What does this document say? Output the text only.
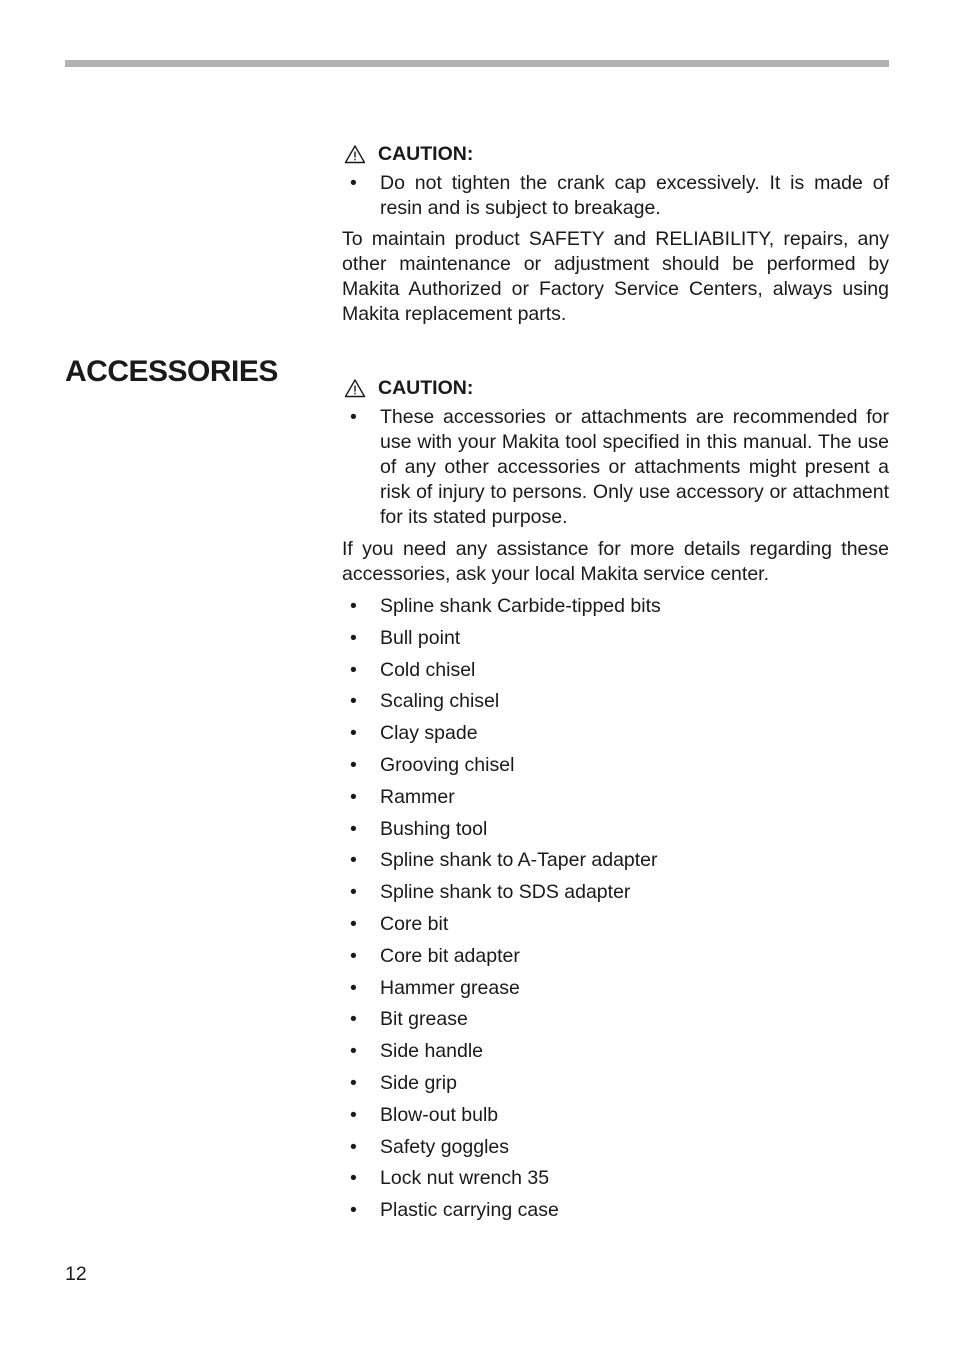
CAUTION:
• Do not tighten the crank cap excessively. It is made of resin and is subject to breakage.

To maintain product SAFETY and RELIABILITY, repairs, any other maintenance or adjustment should be performed by Makita Authorized or Factory Service Centers, always using Makita replacement parts.

ACCESSORIES	CAUTION:
• These accessories or attachments are recommended for use with your Makita tool specified in this manual. The use of any other accessories or attachments might present a risk of injury to persons. Only use accessory or attachment for its stated purpose.

If you need any assistance for more details regarding these accessories, ask your local Makita service center.

• Spline shank Carbide-tipped bits
• Bull point
• Cold chisel
• Scaling chisel
• Clay spade
• Grooving chisel
• Rammer
• Bushing tool
• Spline shank to A-Taper adapter
• Spline shank to SDS adapter
• Core bit
• Core bit adapter
• Hammer grease
• Bit grease
• Side handle
• Side grip
• Blow-out bulb
• Safety goggles
• Lock nut wrench 35
• Plastic carrying case
12
